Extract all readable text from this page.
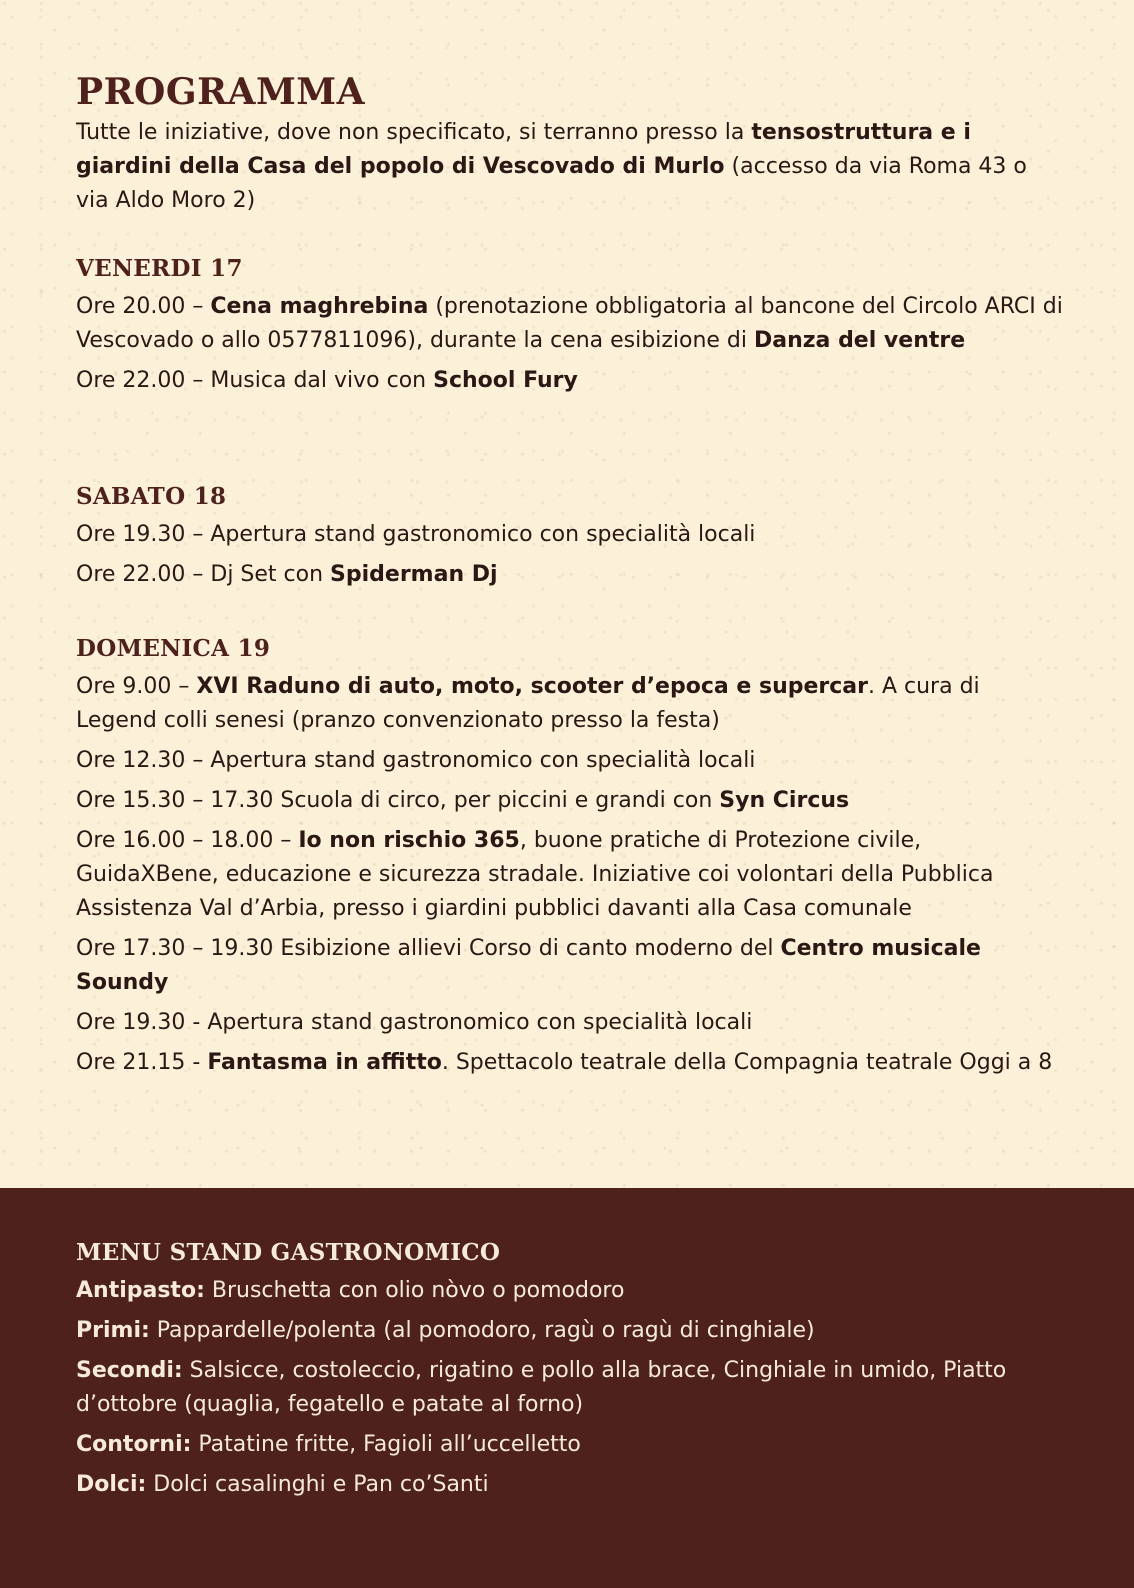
PROGRAMMA

Tutte le iniziative, dove non specificato, si terranno presso la tensostruttura e i giardini della Casa del popolo di Vescovado di Murlo (accesso da via Roma 43 o via Aldo Moro 2)

VENERDI 17

Ore 20.00 – Cena maghrebina (prenotazione obbligatoria al bancone del Circolo ARCI di Vescovado o allo 0577811096), durante la cena esibizione di Danza del ventre

Ore 22.00 – Musica dal vivo con School Fury

SABATO 18

Ore 19.30 – Apertura stand gastronomico con specialità locali

Ore 22.00 – Dj Set con Spiderman Dj

DOMENICA 19

Ore 9.00 – XVI Raduno di auto, moto, scooter d’epoca e supercar. A cura di Legend colli senesi (pranzo convenzionato presso la festa)

Ore 12.30 – Apertura stand gastronomico con specialità locali

Ore 15.30 – 17.30 Scuola di circo, per piccini e grandi con Syn Circus

Ore 16.00 – 18.00 – Io non rischio 365, buone pratiche di Protezione civile, GuidaXBene, educazione e sicurezza stradale. Iniziative coi volontari della Pubblica Assistenza Val d’Arbia, presso i giardini pubblici davanti alla Casa comunale

Ore 17.30 – 19.30 Esibizione allievi Corso di canto moderno del Centro musicale Soundy

Ore 19.30 - Apertura stand gastronomico con specialità locali

Ore 21.15 - Fantasma in affitto. Spettacolo teatrale della Compagnia teatrale Oggi a 8

MENU STAND GASTRONOMICO

Antipasto: Bruschetta con olio nòvo o pomodoro

Primi: Pappardelle/polenta (al pomodoro, ragù o ragù di cinghiale)

Secondi: Salsicce, costoleccio, rigatino e pollo alla brace, Cinghiale in umido, Piatto d’ottobre (quaglia, fegatello e patate al forno)

Contorni: Patatine fritte, Fagioli all’uccelletto

Dolci: Dolci casalinghi e Pan co’Santi
